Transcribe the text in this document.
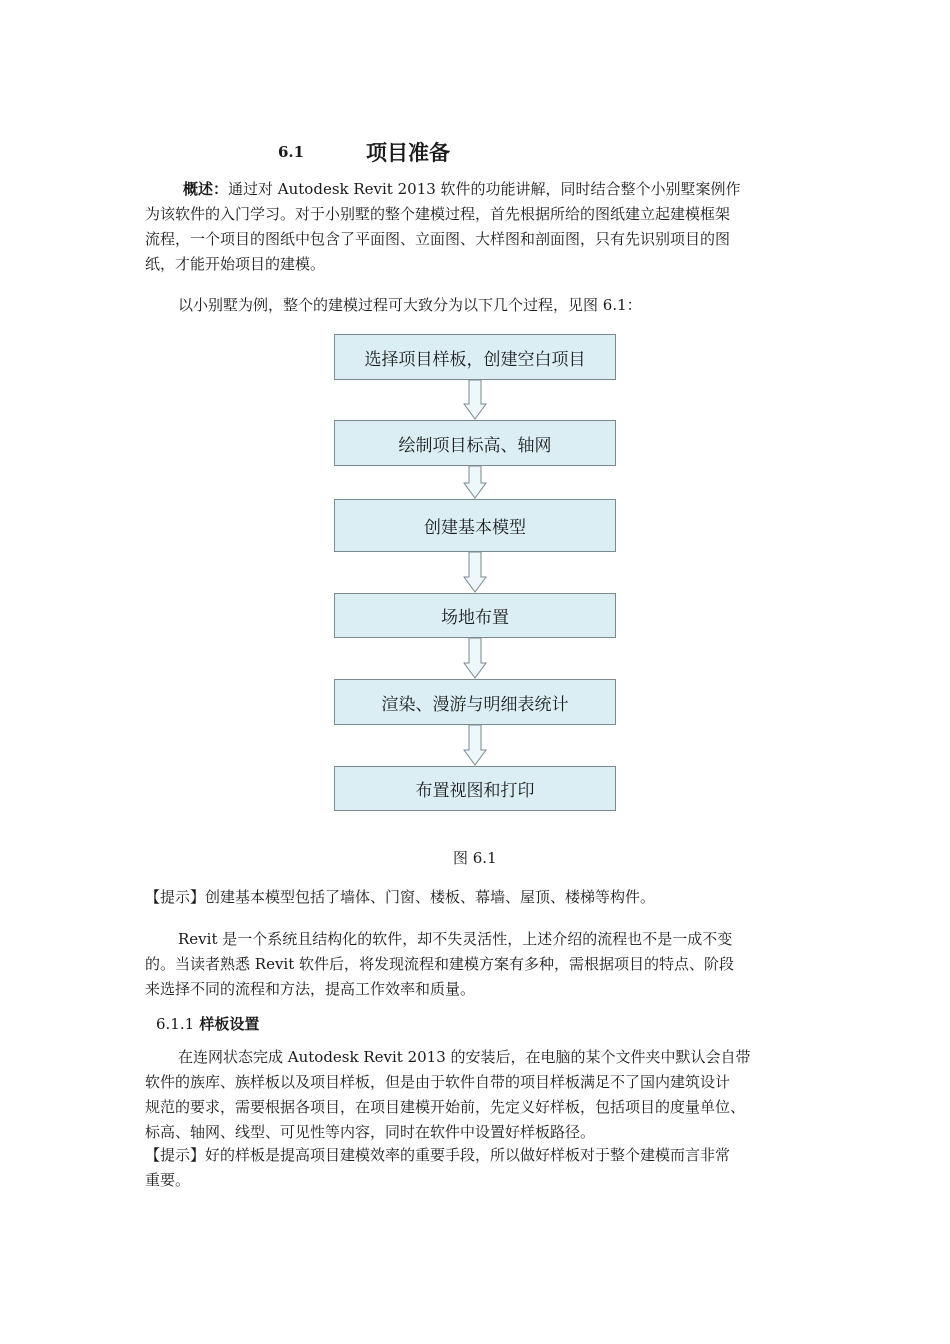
6.1	项目准备
概述：通过对 Autodesk Revit 2013 软件的功能讲解，同时结合整个小别墅案例作
为该软件的入门学习。对于小别墅的整个建模过程，首先根据所给的图纸建立起建模框架
流程，一个项目的图纸中包含了平面图、立面图、大样图和剖面图，只有先识别项目的图
纸，才能开始项目的建模。
以小别墅为例，整个的建模过程可大致分为以下几个过程，见图 6.1：
选择项目样板，创建空白项目
绘制项目标高、轴网
创建基本模型
场地布置
渲染、漫游与明细表统计
布置视图和打印
图 6.1
【提示】创建基本模型包括了墙体、门窗、楼板、幕墙、屋顶、楼梯等构件。
Revit 是一个系统且结构化的软件，却不失灵活性，上述介绍的流程也不是一成不变
的。当读者熟悉 Revit 软件后，将发现流程和建模方案有多种，需根据项目的特点、阶段
来选择不同的流程和方法，提高工作效率和质量。
6.1.1 样板设置
在连网状态完成 Autodesk Revit 2013 的安装后，在电脑的某个文件夹中默认会自带
软件的族库、族样板以及项目样板，但是由于软件自带的项目样板满足不了国内建筑设计
规范的要求，需要根据各项目，在项目建模开始前，先定义好样板，包括项目的度量单位、
标高、轴网、线型、可见性等内容，同时在软件中设置好样板路径。
【提示】好的样板是提高项目建模效率的重要手段，所以做好样板对于整个建模而言非常
重要。
